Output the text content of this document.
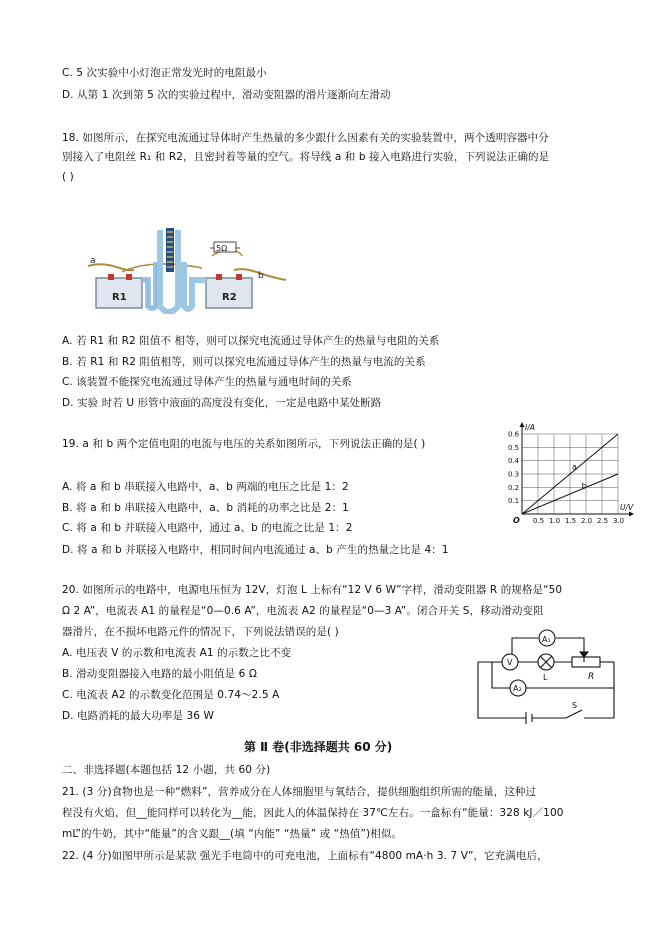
C. 5 次实验中小灯泡正常发光时的电阻最小
D. 从第 1 次到第 5 次的实验过程中，滑动变阻器的滑片逐渐向左滑动
18. 如图所示，在探究电流通过导体时产生热量的多少跟什么因素有关的实验装置中，两个透明容器中分
别接入了电阻丝 R₁ 和 R2，且密封着等量的空气。将导线 a 和 b 接入电路进行实验，下列说法正确的是
( )
R1	R2
5Ω
a
b
A. 若 R1 和 R2 阻值不 相等，则可以探究电流通过导体产生的热量与电阻的关系
B. 若 R1 和 R2 阻值相等，则可以探究电流通过导体产生的热量与电流的关系
C. 该装置不能探究电流通过导体产生的热量与通电时间的关系
D. 实验 时若 U 形管中液面的高度没有变化，一定是电路中某处断路
19. a 和 b 两个定值电阻的电流与电压的关系如图所示，下列说法正确的是( )
A. 将 a 和 b 串联接入电路中，a、b 两端的电压之比是 1：2
B. 将 a 和 b 串联接入电路中，a、b 消耗的功率之比是 2：1
C. 将 a 和 b 并联接入电路中，通过 a、b 的电流之比是 1：2
D. 将 a 和 b 并联接入电路中，相同时间内电流通过 a、b 产生的热量之比是 4：1
0.5 1.0 1.5 2.0 2.5 3.0
0.1
0.2
0.3
0.4
0.5
0.6
O
I/A
U/V
a
b
20. 如图所示的电路中，电源电压恒为 12V，灯泡 L 上标有“12 V 6 W”字样，滑动变阻器 R 的规格是“50
Ω 2 A”，电流表 A1 的量程是“0—0.6 A”，电流表 A2 的量程是“0—3 A”。闭合开关 S，移动滑动变阻
器滑片，在不损坏电路元件的情况下，下列说法错误的是( )
A. 电压表 V 的示数和电流表 A1 的示数之比不变
B. 滑动变阻器接入电路的最小阻值是 6 Ω
C. 电流表 A2 的示数变化范围是 0.74～2.5 A
D. 电路消耗的最大功率是 36 W
A₁
V
L
A₂
R
S
第 Ⅱ 卷(非选择题共 60 分)
二、非选择题(本题包括 12 小题，共 60 分)
21. (3 分)食物也是一种“燃料”，营养成分在人体细胞里与氧结合，提供细胞组织所需的能量，这种过
程没有火焰，但__能同样可以转化为__能，因此人的体温保持在 37℃左右。一盒标有“能量：328 kJ／100
mL”的牛奶，其中“能量”的含义跟__(填 “内能” “热量” 或 “热值”)相似。
22. (4 分)如图甲所示是某款 强光手电筒中的可充电池，上面标有“4800 mA·h 3. 7 V”，它充满电后，
